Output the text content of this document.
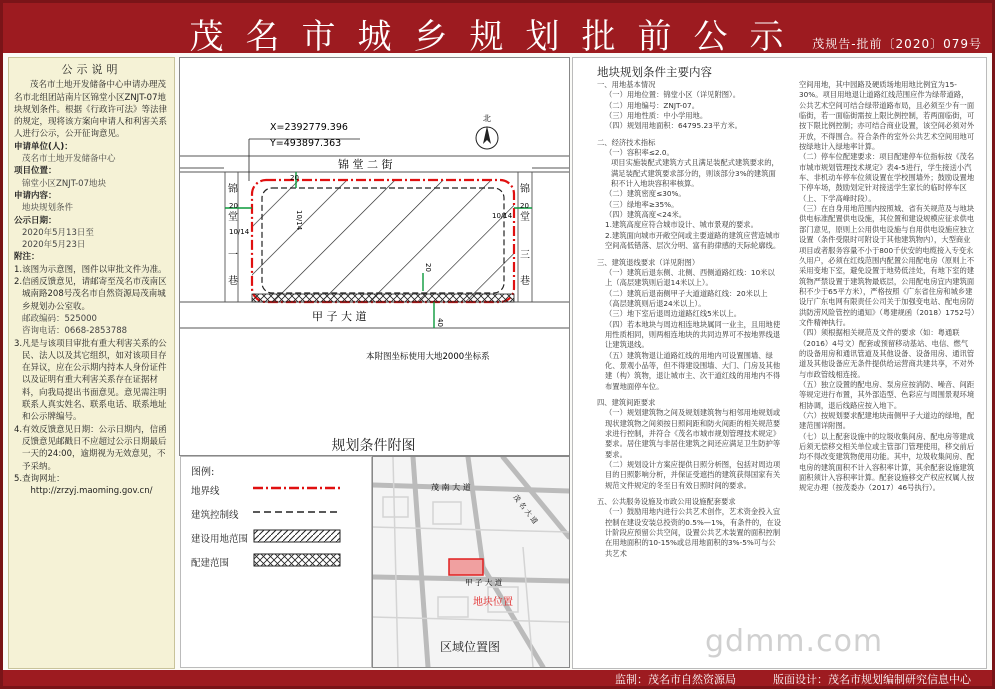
茂名市城乡规划批前公示 茂规告-批前〔2020〕079号
公示说明
茂名市土地开发储备中心申请办理茂名市北组团站南片区锦堂小区ZNJT-07地块规划条件。根据《行政许可法》等法律的规定，现将该方案向申请人和利害关系人进行公示，公开征询意见。
申请单位(人)：
茂名市土地开发储备中心
项目位置：
锦堂小区ZNJT-07地块
申请内容：
地块规划条件
公示日期：
2020年5月13日至
2020年5月23日
附注：
1.该图为示意图，图件以审批文件为准。
2.信函反馈意见，请邮寄至茂名市茂南区城南路208号茂名市自然资源局茂南城乡规划办公室收。
邮政编码：525000
咨询电话：0668-2853788
3.凡是与该项目审批有重大利害关系的公民、法人以及其它组织，如对该项目存在异议，应在公示期内持本人身份证件以及证明有重大利害关系存在证据材料，向我局提出书面意见。意见需注明联系人真实姓名、联系电话、联系地址和公示牌编号。
4.有效反馈意见日期：公示日期内，信函反馈意见邮戳日不应超过公示日期最后一天的24:00，逾期视为无效意见，不予采纳。
5.查询网址：
http://zrzyj.maoming.gov.cn/
X=2392779.396
Y=493897.363
北
锦 堂 二 街
锦
堂
一
巷
锦
堂
三
巷
甲 子 大 道
10/14
10/14
10/14
20
20	20
20
40
本附图坐标使用大地2000坐标系
规划条件附图
图例:
地界线
建筑控制线
建设用地范围
配建范围
茂 南 大 道
甲 子 大 道
茂 名 大 道
地块位置
区域位置图
地块规划条件主要内容
一、用地基本情况
（一）用地位置：锦堂小区（详见附图）。
（二）用地编号：ZNJT-07。
（三）用地性质：中小学用地。
（四）规划用地面积：64795.23平方米。
二、经济技术指标
（一）容积率≤2.0。
项目实施装配式建筑方式且满足装配式建筑要求的，满足装配式建筑要求部分的，则该部分3%的建筑面积不计入地块容积率核算。
（二）建筑密度≤30%。
（三）绿地率≥35%。
（四）建筑高度<24米。
1.建筑高度应符合城市设计、城市景观的要求。
2.建筑面向城市开敞空间或主要道路的建筑应营造城市空间高低错落、层次分明、富有韵律感的天际轮廓线。
三、建筑退线要求（详见附图）
（一）建筑后退东侧、北侧、西侧道路红线：10米以上（高层建筑则后退14米以上）。
（二）建筑后退南侧甲子大道道路红线：20米以上（高层建筑则后退24米以上）。
（三）地下室后退周边道路红线5米以上。
（四）若本地块与周边相连地块属同一业主，且用地使用性质相同，则两相连地块的共同边界可不按地界线退让建筑退线。
（五）建筑物退让道路红线的用地内可设置围墙、绿化、景观小品等，但不得建设围墙、大门、门房及其他建（构）筑物，退让城市主、次干道红线的用地内不得布置地面停车位。
四、建筑间距要求
（一）规划建筑物之间及规划建筑物与相邻用地规划或现状建筑物之间须按日照间距和防火间距的相关规范要求进行控制，并符合《茂名市城市规划管理技术规定》要求。居住建筑与非居住建筑之间还应满足卫生防护等要求。
（二）规划设计方案应提供日照分析图，包括对周边项目的日照影响分析，并保证受遮挡的建筑获得国家有关规范文件规定的冬至日有效日照时间的要求。
五、公共服务设施及市政公用设施配套要求
（一）鼓励用地内进行公共艺术创作，艺术资金投入宜控制在建设安装总投资的0.5%—1%，有条件的，在设计阶段应预留公共空间，设置公共艺术装置的面积控制在用地面积的10-15%或总用地面积的3%-5%可与公共艺术
空间用地，其中园路及硬质场地用地比例宜为15-30%。项目用地退让道路红线范围应作为绿带道路，公共艺术空间可结合绿带道路布局，且必须至少有一面临街，若一面临街需按上限比例控制，若两面临街，可按下限比例控制；亦可结合商业设置，该空间必须对外开放，不得围合。符合条件的室外公共艺术空间用地可按绿地计入绿地率计算。
（二）停车位配建要求：项目配建停车位指标按《茂名市城市规划管理技术规定》表4-5进行，学生接送小汽车、非机动车停车位须设置在学校围墙外；鼓励设置地下停车场，鼓励划定针对接送学生家长的临时停车区（上、下学高峰时段）。
（三）在自身用地范围内按照城、省有关规范及与地块供电标准配置供电设施，其位置和建设规模应征求供电部门意见，原则上公用供电设施与自用供电设施应独立设置（条件受限时可附设于其他建筑物内），大型商业项目或者服务容量不小于800千伏安的电缆接入专变永久用户，必须在红线范围内配置公用配电房（原则上不采用变地下室，避免设置于地势低洼处，有地下室的建筑物严禁设置于建筑物最底层，公用配电房宜内建筑面积不少于65平方米），严格按照《广东省住房和城乡建设厅广东电网有限责任公司关于加强变电站、配电房防洪防涝风险管控的通知》（粤建规函（2018）1752号）文件精神执行。
（四）须根据相关规范及文件的要求（如：粤通联（2016）4号文）配套或预留移动基站、电信、燃气的设备用房和通讯管道及其他设备、设备用房、通讯管道及其他设备应无条件提供给运营商共建共享，不对外与市政管线相连接。
（五）独立设置的配电房、泵房应按消防、噪音、间距等规定进行布置，其外部造型、色彩应与周围景观环境相协调，退后线路应按入地下。
（六）按规划要求配建地块南侧甲子大道边的绿地，配建范围详附图。
（七）以上配套设施中的垃圾收集间房、配电房等建成后须无偿移交相关单位或主管部门管理使用，移交前后均不得改变建筑物使用功能。其中，垃圾收集间房、配电房的建筑面积不计入容积率计算，其余配套设施建筑面积须计入容积率计算。配套设施移交产权应权属人按规定办理（按茂委办（2017）46号执行）。
gdmm.com
监制：茂名市自然资源局	版面设计：茂名市规划编制研究信息中心
